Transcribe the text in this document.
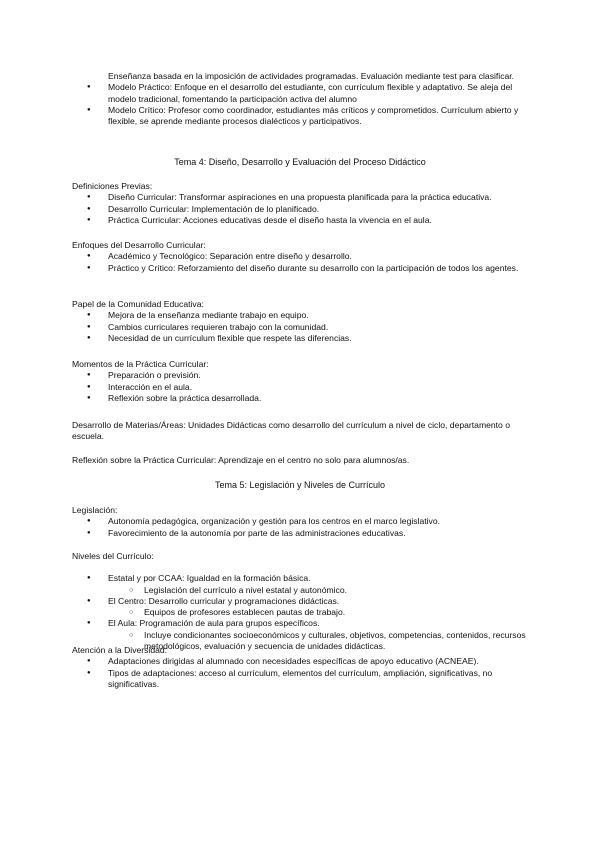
Enseñanza basada en la imposición de actividades programadas. Evaluación mediante test para clasificar.

● Modelo Práctico: Enfoque en el desarrollo del estudiante, con currículum flexible y adaptativo. Se aleja del modelo tradicional, fomentando la participación activa del alumno

● Modelo Crítico: Profesor como coordinador, estudiantes más críticos y comprometidos. Currículum abierto y flexible, se aprende mediante procesos dialécticos y participativos.

Tema 4: Diseño, Desarrollo y Evaluación del Proceso Didáctico

Definiciones Previas:

● Diseño Curricular: Transformar aspiraciones en una propuesta planificada para la práctica educativa.

● Desarrollo Curricular: Implementación de lo planificado.

● Práctica Curricular: Acciones educativas desde el diseño hasta la vivencia en el aula.

Enfoques del Desarrollo Curricular:

● Académico y Tecnológico: Separación entre diseño y desarrollo.

● Práctico y Crítico: Reforzamiento del diseño durante su desarrollo con la participación de todos los agentes.

Papel de la Comunidad Educativa:

● Mejora de la enseñanza mediante trabajo en equipo.

● Cambios curriculares requieren trabajo con la comunidad.

● Necesidad de un currículum flexible que respete las diferencias.

Momentos de la Práctica Curricular:

● Preparación o previsión.

● Interacción en el aula.

● Reflexión sobre la práctica desarrollada.

Desarrollo de Materias/Áreas: Unidades Didácticas como desarrollo del currículum a nivel de ciclo, departamento o escuela.

Reflexión sobre la Práctica Curricular: Aprendizaje en el centro no solo para alumnos/as.

Tema 5: Legislación y Niveles de Currículo

Legislación:

● Autonomía pedagógica, organización y gestión para los centros en el marco legislativo.

● Favorecimiento de la autonomía por parte de las administraciones educativas.

Niveles del Currículo:

● Estatal y por CCAA: Igualdad en la formación básica.

○ Legislación del currículo a nivel estatal y autonómico.

● El Centro: Desarrollo curricular y programaciones didácticas.

○ Equipos de profesores establecen pautas de trabajo.

● El Aula: Programación de aula para grupos específicos.

○ Incluye condicionantes socioeconómicos y culturales, objetivos, competencias, contenidos, recursos metodológicos, evaluación y secuencia de unidades didácticas.

Atención a la Diversidad:

● Adaptaciones dirigidas al alumnado con necesidades específicas de apoyo educativo (ACNEAE).

● Tipos de adaptaciones: acceso al currículum, elementos del currículum, ampliación, significativas, no significativas.
